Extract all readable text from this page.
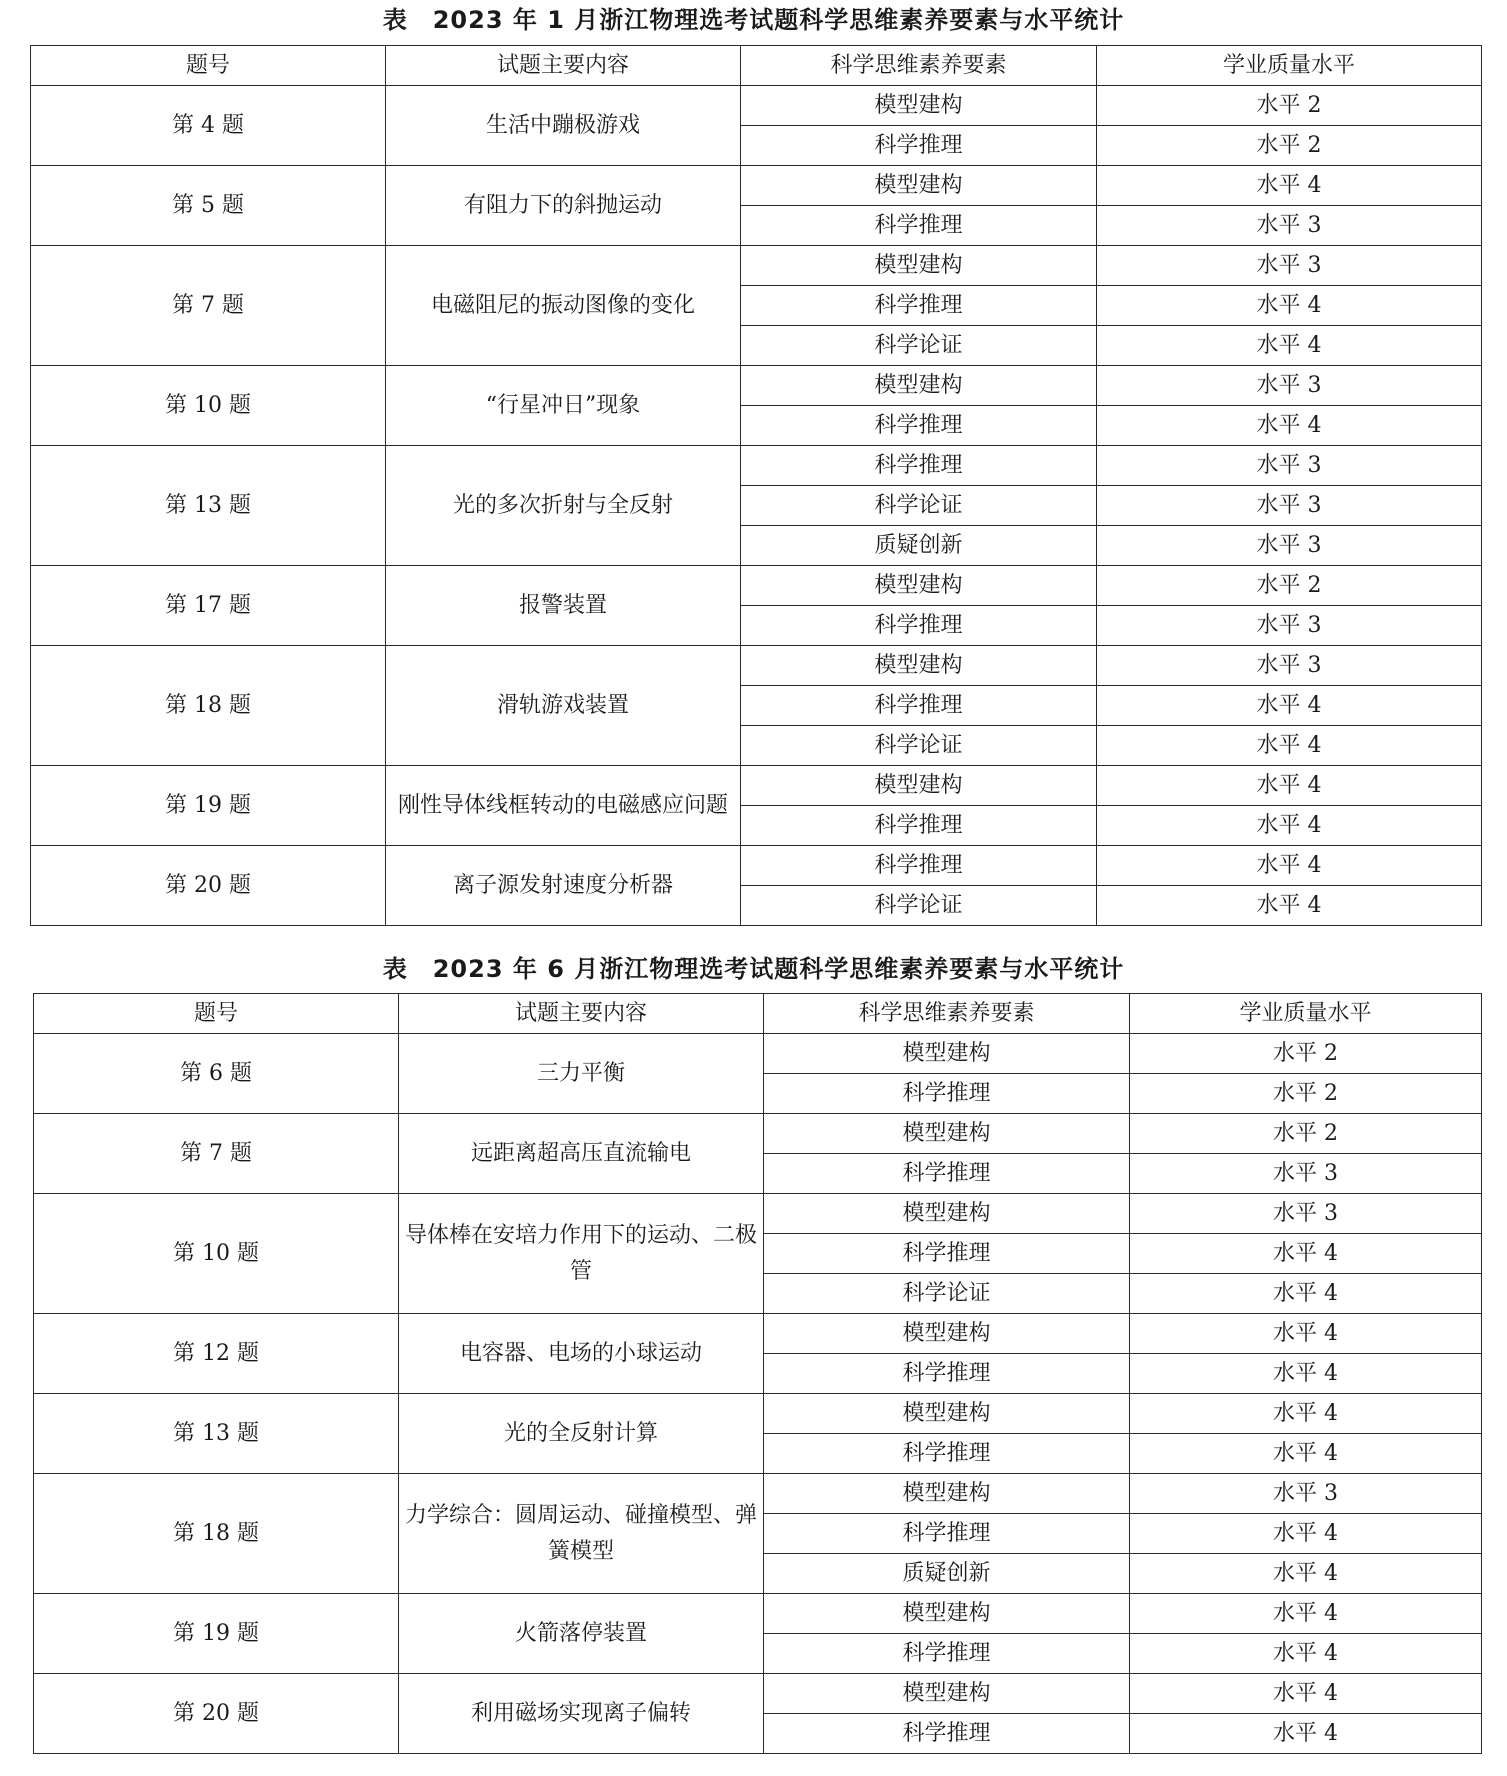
表　2023 年 1 月浙江物理选考试题科学思维素养要素与水平统计
题号	试题主要内容	科学思维素养要素	学业质量水平
第 4 题	生活中蹦极游戏	模型建构	水平 2
		科学推理	水平 2
第 5 题	有阻力下的斜抛运动	模型建构	水平 4
		科学推理	水平 3
第 7 题	电磁阻尼的振动图像的变化	模型建构	水平 3
		科学推理	水平 4
		科学论证	水平 4
第 10 题	“行星冲日”现象	模型建构	水平 3
		科学推理	水平 4
第 13 题	光的多次折射与全反射	科学推理	水平 3
		科学论证	水平 3
		质疑创新	水平 3
第 17 题	报警装置	模型建构	水平 2
		科学推理	水平 3
第 18 题	滑轨游戏装置	模型建构	水平 3
		科学推理	水平 4
		科学论证	水平 4
第 19 题	刚性导体线框转动的电磁感应问题	模型建构	水平 4
		科学推理	水平 4
第 20 题	离子源发射速度分析器	科学推理	水平 4
		科学论证	水平 4
表　2023 年 6 月浙江物理选考试题科学思维素养要素与水平统计
题号	试题主要内容	科学思维素养要素	学业质量水平
第 6 题	三力平衡	模型建构	水平 2
		科学推理	水平 2
第 7 题	远距离超高压直流输电	模型建构	水平 2
		科学推理	水平 3
第 10 题	导体棒在安培力作用下的运动、二极管	模型建构	水平 3
		科学推理	水平 4
		科学论证	水平 4
第 12 题	电容器、电场的小球运动	模型建构	水平 4
		科学推理	水平 4
第 13 题	光的全反射计算	模型建构	水平 4
		科学推理	水平 4
第 18 题	力学综合：圆周运动、碰撞模型、弹簧模型	模型建构	水平 3
		科学推理	水平 4
		质疑创新	水平 4
第 19 题	火箭落停装置	模型建构	水平 4
		科学推理	水平 4
第 20 题	利用磁场实现离子偏转	模型建构	水平 4
		科学推理	水平 4
